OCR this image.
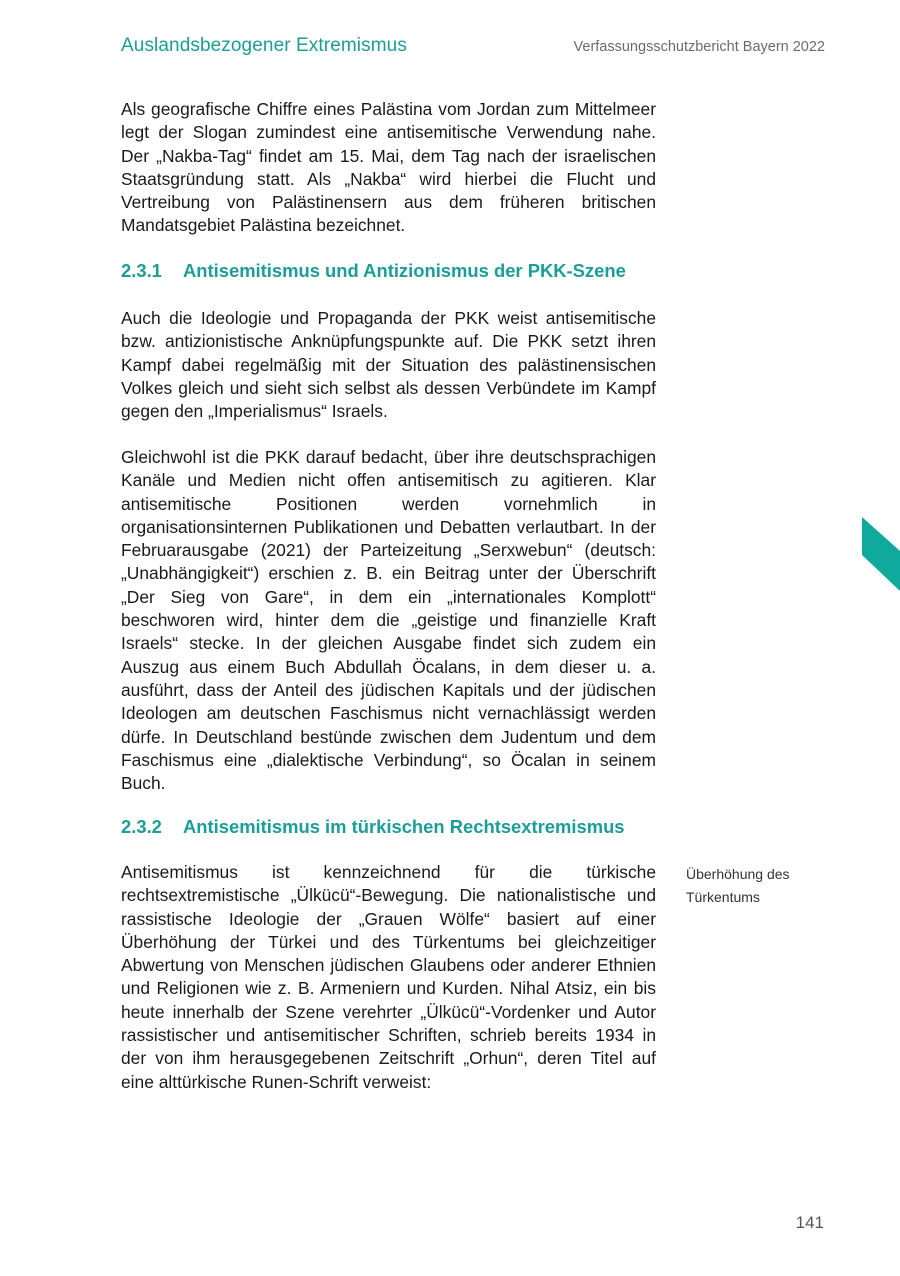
Auslandsbezogener Extremismus	Verfassungsschutzbericht Bayern 2022

Als geografische Chiffre eines Palästina vom Jordan zum Mittelmeer legt der Slogan zumindest eine antisemitische Verwendung nahe. Der „Nakba-Tag“ findet am 15. Mai, dem Tag nach der israelischen Staatsgründung statt. Als „Nakba“ wird hierbei die Flucht und Vertreibung von Palästinensern aus dem früheren britischen Mandatsgebiet Palästina bezeichnet.

2.3.1 Antisemitismus und Antizionismus der PKK-Szene

Auch die Ideologie und Propaganda der PKK weist antisemitische bzw. antizionistische Anknüpfungspunkte auf. Die PKK setzt ihren Kampf dabei regelmäßig mit der Situation des palästinensischen Volkes gleich und sieht sich selbst als dessen Verbündete im Kampf gegen den „Imperialismus“ Israels.

Gleichwohl ist die PKK darauf bedacht, über ihre deutschsprachigen Kanäle und Medien nicht offen antisemitisch zu agitieren. Klar antisemitische Positionen werden vornehmlich in organisationsinternen Publikationen und Debatten verlautbart. In der Februarausgabe (2021) der Parteizeitung „Serxwebun“ (deutsch: „Unabhängigkeit“) erschien z. B. ein Beitrag unter der Überschrift „Der Sieg von Gare“, in dem ein „internationales Komplott“ beschworen wird, hinter dem die „geistige und finanzielle Kraft Israels“ stecke. In der gleichen Ausgabe findet sich zudem ein Auszug aus einem Buch Abdullah Öcalans, in dem dieser u. a. ausführt, dass der Anteil des jüdischen Kapitals und der jüdischen Ideologen am deutschen Faschismus nicht vernachlässigt werden dürfe. In Deutschland bestünde zwischen dem Judentum und dem Faschismus eine „dialektische Verbindung“, so Öcalan in seinem Buch.

2.3.2 Antisemitismus im türkischen Rechtsextremismus

Antisemitismus ist kennzeichnend für die türkische rechtsextremistische „Ülkücü“-Bewegung. Die nationalistische und rassistische Ideologie der „Grauen Wölfe“ basiert auf einer Überhöhung der Türkei und des Türkentums bei gleichzeitiger Abwertung von Menschen jüdischen Glaubens oder anderer Ethnien und Religionen wie z. B. Armeniern und Kurden. Nihal Atsiz, ein bis heute innerhalb der Szene verehrter „Ülkücü“-Vordenker und Autor rassistischer und antisemitischer Schriften, schrieb bereits 1934 in der von ihm herausgegebenen Zeitschrift „Orhun“, deren Titel auf eine alttürkische Runen-Schrift verweist:

Überhöhung des
Türkentums
141
